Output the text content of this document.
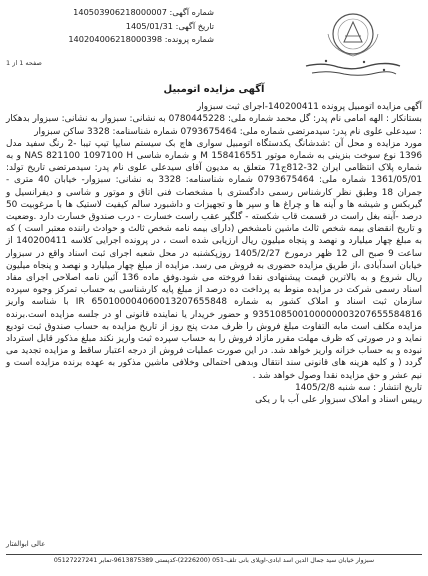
شماره آگهی: 140503906218000007
تاریخ آگهی: 1405/01/31
شماره پرونده: 140204006218000398
صفحه 1 از 1
آگهی مزایده اتومبیل

آگهی مزایده اتومبیل پرونده 140200411-اجرای ثبت سبزوار

بستانکار : الهه امامی نام پدر: گل محمد شماره ملی: 0780445228 به نشانی: سبزوار به نشانی: سبزوار بدهکار : سیدعلی علوی نام پدر: سیدمرتضی شماره ملی: 0793675464 شماره شناسنامه: 3328 ساکن سبزوار

مورد مزایده و محل آن :شدشانگ یکدستگاه اتومبیل سواری هاچ بک سیستم سایپا تیپ تیبا -2 رنگ سفید مدل 1396 نوع سوخت بنزینی به شماره موتور M 158416551 و شماره شاسی NAS 821100 1097100 H و به شماره پلاک انتظامی ایران 32-812ج71 متعلق به مدیون آقای سیدعلی علوی نام پدر: سیدمرتضی تاریخ تولد: 1361/05/01 شماره ملی: 0793675464 شماره شناسنامه: 3328 به نشانی: سبزوار- خیابان 40 متری - جمران 18 وطبق نظر کارشناس رسمی دادگستری با مشخصات فنی اتاق و موتور و شاسی و دیفرانسیل و گیربکس و شیشه ها و آینه ها و چراغ ها و سپر ها و تجهیزات و داشبورد سالم کیفیت لاستیک ها با مرغوبیت 50 درصد -آینه بغل راست در قسمت قاب شکسته - گلگیر عقب راست خسارت - درب صندوق خسارت دارد .وضعیت و تاریخ انقضای بیمه شخص ثالث ماشین نامشخص (دارای بیمه نامه شخص ثالث و حوادث راننده معتبر است ) که به مبلغ چهار میلیارد و نهصد و پنجاه میلیون ریال ارزیابی شده است ، در پرونده اجرایی کلاسه 140200411 از ساعت 9 صبح الی 12 ظهر درمورخ 1405/2/27 روزپکشنبه در محل شعبه اجرای ثبت اسناد واقع در سبزوار خیابان اسدآبادی ،از طریق مزایده حضوری به فروش می رسد. مزایده از مبلغ چهار میلیارد و نهصد و پنجاه میلیون ریال شروع و به بالاترین قیمت پیشنهادی نقدا فروخته می شود.وفق ماده 136 آئین نامه اصلاحی اجرای مفاد اسناد رسمی شرکت در مزایده منوط به پرداخت ده درصد از مبلغ پایه کارشناسی به حساب تمرکز وجوه سپرده سازمان ثبت اسناد و املاک کشور به شماره IR 650100004060013207655848 با شناسه واریز 935108500100000003207655584816 و حضور خریدار یا نماینده قانونی او در جلسه مزایده است.برنده مزایده مکلف است مابه التفاوت مبلغ فروش را ظرف مدت پنج روز از تاریخ مزایده به حساب صندوق ثبت تودیع نماید و در صورتی که ظرف مهلت مقرر مازاد فروش را به حساب سپرده ثبت واریز نکند مبلغ مذکور قابل استرداد نبوده و به حساب خزانه واریز خواهد شد. در این صورت عملیات فروش از درجه اعتبار ساقط و مزایده تجدید می گردد ( و کلیه هزینه های قانونی سند انتقال وبدهی احتمالی وخلافی ماشین مذکور به عهده برنده مزایده است و نیم عشر و حق مزایده نقدا وصول خواهد شد .

تاریخ انتشار : سه شنبه 1405/2/8

رییس اسناد و املاک سبزوار علی آب با ر یکی

عالی ابوالفتار
سبزوار خیابان سید جمال الدین اسد ابادی-اویلای بانی تلف-051 (2226200)-کدپستی 9613875389-تمابر 05127227241
